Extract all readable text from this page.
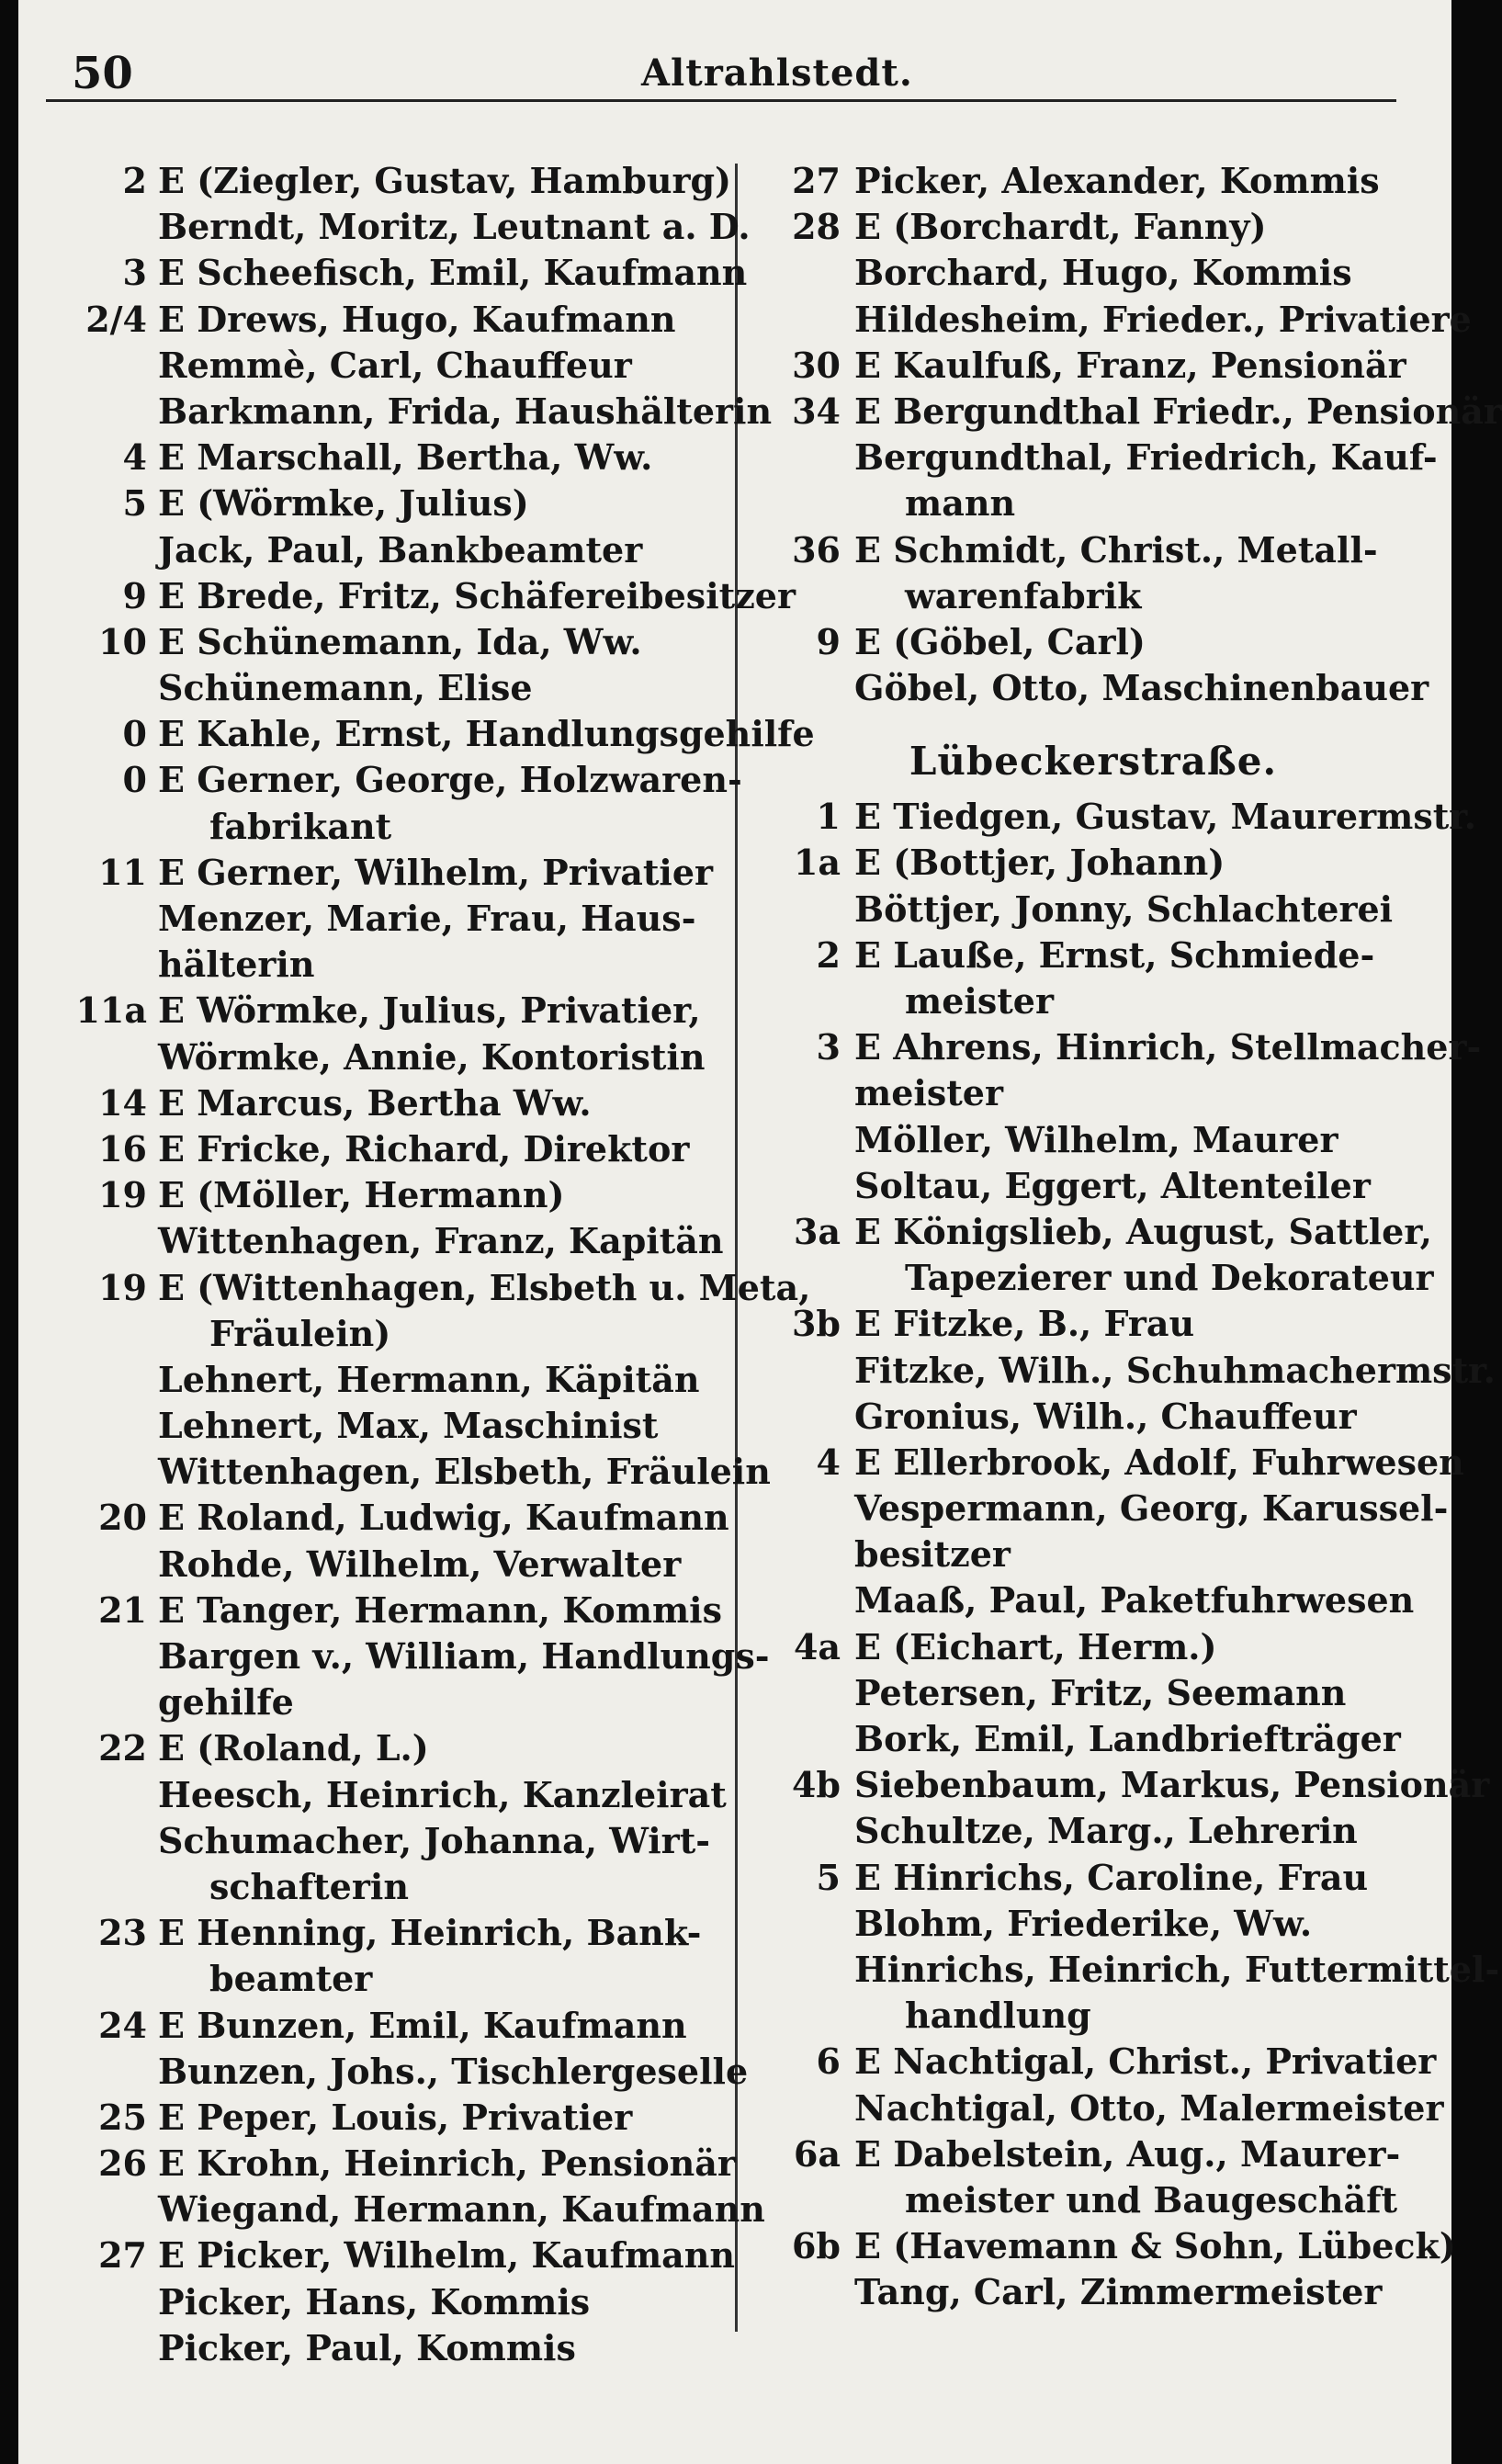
50	Altrahlstedt.
2 E (Ziegler, Gustav, Hamburg)
Berndt, Moritz, Leutnant a. D.
3 E Scheefisch, Emil, Kaufmann
2/4 E Drews, Hugo, Kaufmann
Remmè, Carl, Chauffeur
Barkmann, Frida, Haushälterin
4 E Marschall, Bertha, Ww.
5 E (Wörmke, Julius)
Jack, Paul, Bankbeamter
9 E Brede, Fritz, Schäfereibesitzer
10 E Schünemann, Ida, Ww.
Schünemann, Elise
0 E Kahle, Ernst, Handlungsgehilfe
0 E Gerner, George, Holzwaren-
fabrikant
11 E Gerner, Wilhelm, Privatier
Menzer, Marie, Frau, Haus-
hälterin
11a E Wörmke, Julius, Privatier,
Wörmke, Annie, Kontoristin
14 E Marcus, Bertha Ww.
16 E Fricke, Richard, Direktor
19 E (Möller, Hermann)
Wittenhagen, Franz, Kapitän
19 E (Wittenhagen, Elsbeth u. Meta,
Fräulein)
Lehnert, Hermann, Käpitän
Lehnert, Max, Maschinist
Wittenhagen, Elsbeth, Fräulein
20 E Roland, Ludwig, Kaufmann
Rohde, Wilhelm, Verwalter
21 E Tanger, Hermann, Kommis
Bargen v., William, Handlungs-
gehilfe
22 E (Roland, L.)
Heesch, Heinrich, Kanzleirat
Schumacher, Johanna, Wirt-
schafterin
23 E Henning, Heinrich, Bank-
beamter
24 E Bunzen, Emil, Kaufmann
Bunzen, Johs., Tischlergeselle
25 E Peper, Louis, Privatier
26 E Krohn, Heinrich, Pensionär
Wiegand, Hermann, Kaufmann
27 E Picker, Wilhelm, Kaufmann
Picker, Hans, Kommis
Picker, Paul, Kommis
27 Picker, Alexander, Kommis
28 E (Borchardt, Fanny)
Borchard, Hugo, Kommis
Hildesheim, Frieder., Privatiere
30 E Kaulfuß, Franz, Pensionär
34 E Bergundthal Friedr., Pensionär
Bergundthal, Friedrich, Kauf-
mann
36 E Schmidt, Christ., Metall-
warenfabrik
9 E (Göbel, Carl)
Göbel, Otto, Maschinenbauer
Lübeckerstraße.
1 E Tiedgen, Gustav, Maurermstr.
1a E (Bottjer, Johann)
Böttjer, Jonny, Schlachterei
2 E Lauße, Ernst, Schmiede-
meister
3 E Ahrens, Hinrich, Stellmacher-
meister
Möller, Wilhelm, Maurer
Soltau, Eggert, Altenteiler
3a E Königslieb, August, Sattler,
Tapezierer und Dekorateur
3b E Fitzke, B., Frau
Fitzke, Wilh., Schuhmachermstr.
Gronius, Wilh., Chauffeur
4 E Ellerbrook, Adolf, Fuhrwesen
Vespermann, Georg, Karussel-
besitzer
Maaß, Paul, Paketfuhrwesen
4a E (Eichart, Herm.)
Petersen, Fritz, Seemann
Bork, Emil, Landbriefträger
4b Siebenbaum, Markus, Pensionär
Schultze, Marg., Lehrerin
5 E Hinrichs, Caroline, Frau
Blohm, Friederike, Ww.
Hinrichs, Heinrich, Futtermittel-
handlung
6 E Nachtigal, Christ., Privatier
Nachtigal, Otto, Malermeister
6a E Dabelstein, Aug., Maurer-
meister und Baugeschäft
6b E (Havemann & Sohn, Lübeck)
Tang, Carl, Zimmermeister
